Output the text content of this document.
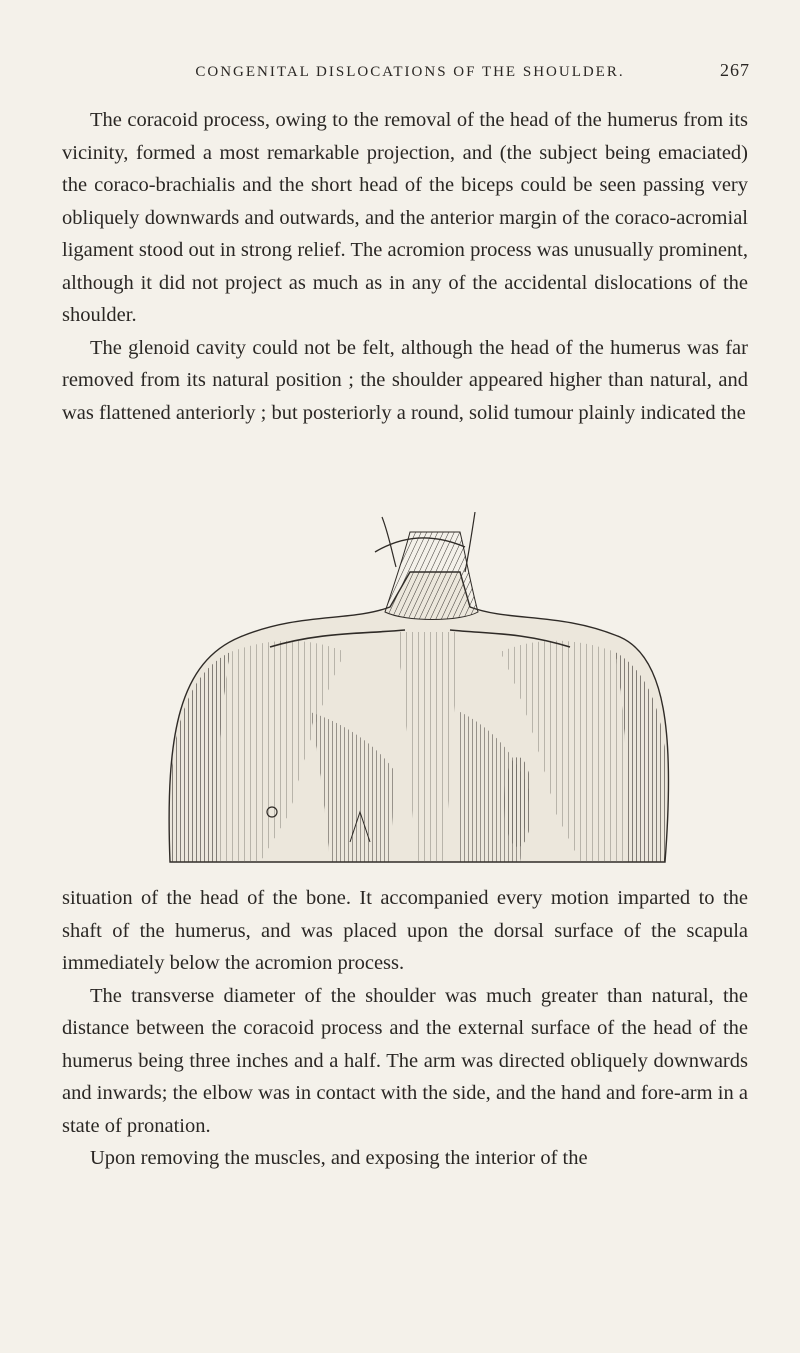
CONGENITAL DISLOCATIONS OF THE SHOULDER.	267

The coracoid process, owing to the removal of the head of the humerus from its vicinity, formed a most remarkable projection, and (the subject being emaciated) the coraco-brachialis and the short head of the biceps could be seen passing very obliquely downwards and outwards, and the anterior margin of the coraco-acromial ligament stood out in strong relief. The acromion process was unusually prominent, although it did not project as much as in any of the accidental dislocations of the shoulder.

The glenoid cavity could not be felt, although the head of the humerus was far removed from its natural position ; the shoulder appeared higher than natural, and was flattened anteriorly ; but posteriorly a round, solid tumour plainly indicated the

situation of the head of the bone. It accompanied every motion imparted to the shaft of the humerus, and was placed upon the dorsal surface of the scapula immediately below the acromion process.

The transverse diameter of the shoulder was much greater than natural, the distance between the coracoid process and the external surface of the head of the humerus being three inches and a half. The arm was directed obliquely downwards and inwards; the elbow was in contact with the side, and the hand and fore-arm in a state of pronation.

Upon removing the muscles, and exposing the interior of the
